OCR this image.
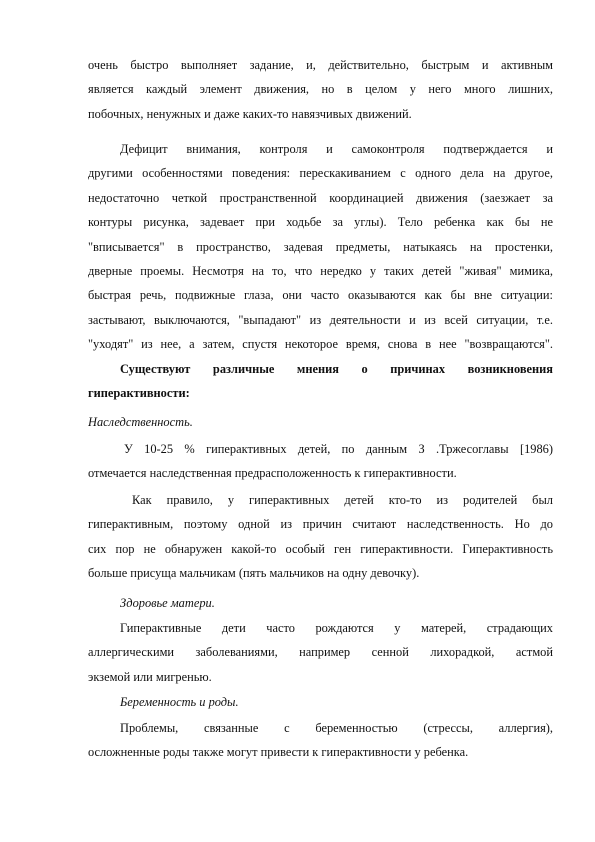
очень быстро выполняет задание, и, действительно, быстрым и активным
является каждый элемент движения, но в целом у него много лишних,
побочных, ненужных и даже каких-то навязчивых движений.
Дефицит внимания, контроля и самоконтроля подтверждается и
другими особенностями поведения: перескакиванием с одного дела на другое,
недостаточно четкой пространственной координацией движения (заезжает за
контуры рисунка, задевает при ходьбе за углы). Тело ребенка как бы не
"вписывается" в пространство, задевая предметы, натыкаясь на простенки,
дверные проемы. Несмотря на то, что нередко у таких детей "живая" мимика,
быстрая речь, подвижные глаза, они часто оказываются как бы вне ситуации:
застывают, выключаются, "выпадают" из деятельности и из всей ситуации, т.е.
"уходят" из нее, а затем, спустя некоторое время, снова в нее "возвращаются".
Существуют различные мнения о причинах возникновения
гиперактивности:
Наследственность.
У 10-25 % гиперактивных детей, по данным З .Тржесоглавы [1986)
отмечается наследственная предрасположенность к гиперактивности.
Как правило, у гиперактивных детей кто-то из родителей был
гиперактивным, поэтому одной из причин считают наследственность. Но до
сих пор не обнаружен какой-то особый ген гиперактивности. Гиперактивность
больше присуща мальчикам (пять мальчиков на одну девочку).
Здоровье матери.
Гиперактивные дети часто рождаются у матерей, страдающих
аллергическими заболеваниями, например сенной лихорадкой, астмой
экземой или мигренью.
Беременность и роды.
Проблемы, связанные с беременностью (стрессы, аллергия),
осложненные роды также могут привести к гиперактивности у ребенка.
